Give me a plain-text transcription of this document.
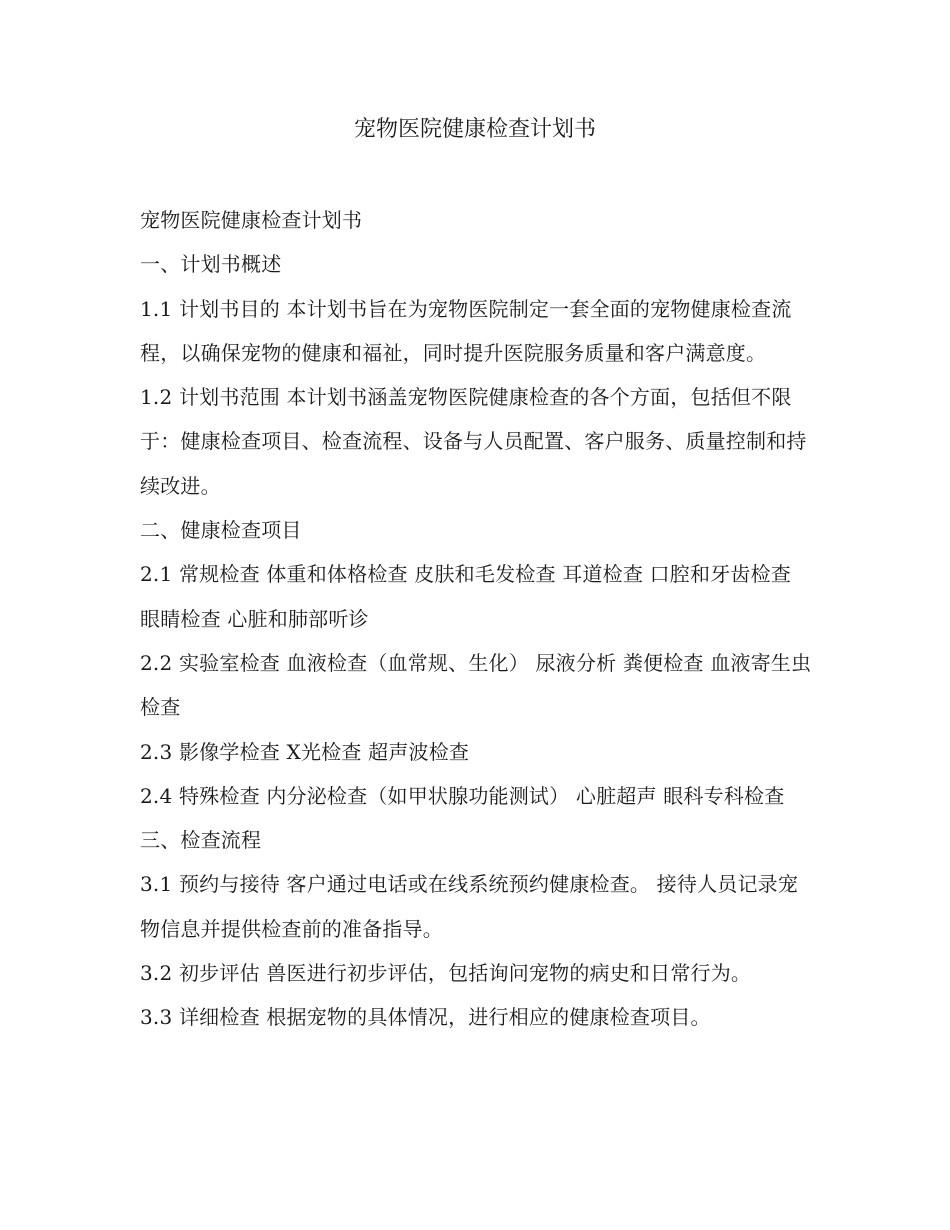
宠物医院健康检查计划书

宠物医院健康检查计划书

一、计划书概述

1.1 计划书目的 本计划书旨在为宠物医院制定一套全面的宠物健康检查流程，以确保宠物的健康和福祉，同时提升医院服务质量和客户满意度。

1.2 计划书范围 本计划书涵盖宠物医院健康检查的各个方面，包括但不限于：健康检查项目、检查流程、设备与人员配置、客户服务、质量控制和持续改进。

二、健康检查项目

2.1 常规检查 体重和体格检查 皮肤和毛发检查 耳道检查 口腔和牙齿检查 眼睛检查 心脏和肺部听诊

2.2 实验室检查 血液检查（血常规、生化） 尿液分析 粪便检查 血液寄生虫检查

2.3 影像学检查 X光检查 超声波检查

2.4 特殊检查 内分泌检查（如甲状腺功能测试） 心脏超声 眼科专科检查

三、检查流程

3.1 预约与接待 客户通过电话或在线系统预约健康检查。 接待人员记录宠物信息并提供检查前的准备指导。

3.2 初步评估 兽医进行初步评估，包括询问宠物的病史和日常行为。

3.3 详细检查 根据宠物的具体情况，进行相应的健康检查项目。
